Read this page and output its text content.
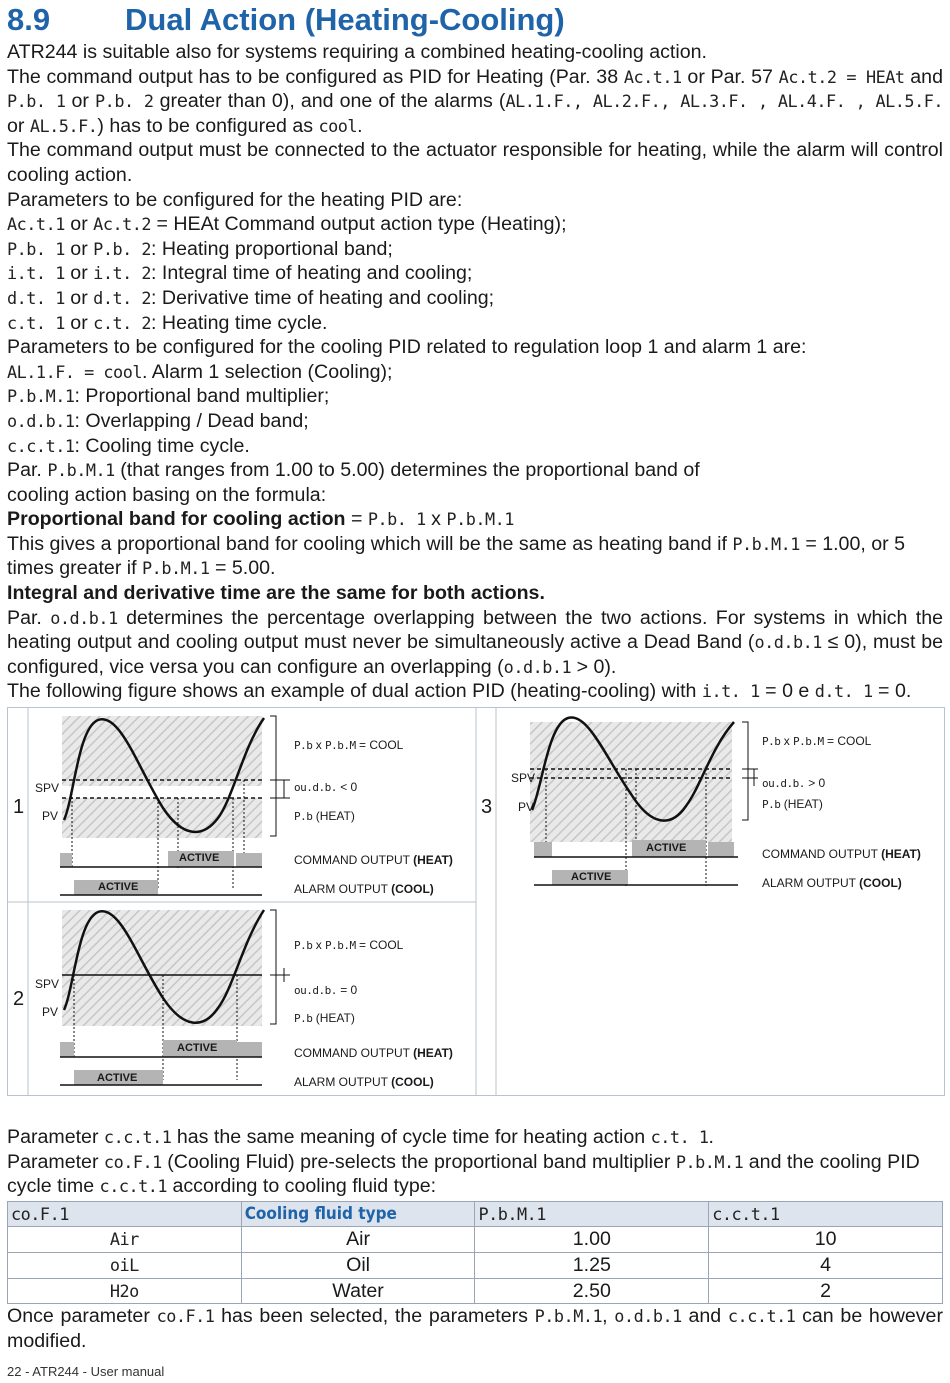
8.9 Dual Action (Heating-Cooling)

ATR244 is suitable also for systems requiring a combined heating-cooling action.

The command output has to be configured as PID for Heating (Par. 38 Ac.t.1 or Par. 57 Ac.t.2 = HEAt and P.b. 1 or P.b. 2 greater than 0), and one of the alarms (AL.1.F., AL.2.F., AL.3.F. , AL.4.F. , AL.5.F. or AL.5.F.) has to be configured as cool.

The command output must be connected to the actuator responsible for heating, while the alarm will control cooling action.

Parameters to be configured for the heating PID are:

Ac.t.1 or Ac.t.2 = HEAt Command output action type (Heating);

P.b. 1 or P.b. 2: Heating proportional band;

i.t. 1 or i.t. 2: Integral time of heating and cooling;

d.t. 1 or d.t. 2: Derivative time of heating and cooling;

c.t. 1 or c.t. 2: Heating time cycle.

Parameters to be configured for the cooling PID related to regulation loop 1 and alarm 1 are:

AL.1.F. = cool. Alarm 1 selection (Cooling);

P.b.M.1: Proportional band multiplier;

o.d.b.1: Overlapping / Dead band;

c.c.t.1: Cooling time cycle.

Par. P.b.M.1 (that ranges from 1.00 to 5.00) determines the proportional band of

cooling action basing on the formula:

Proportional band for cooling action = P.b. 1 x P.b.M.1

This gives a proportional band for cooling which will be the same as heating band if P.b.M.1 = 1.00, or 5 times greater if P.b.M.1 = 5.00.

Integral and derivative time are the same for both actions.

Par. o.d.b.1 determines the percentage overlapping between the two actions. For systems in which the heating output and cooling output must never be simultaneously active a Dead Band (o.d.b.1 ≤ 0), must be configured, vice versa you can configure an overlapping (o.d.b.1 > 0).

The following figure shows an example of dual action PID (heating-cooling) with i.t. 1 = 0 e d.t. 1 = 0.

1
SPV
PV
P.b x P.b.M = COOL
ou.d.b. < 0
P.b (HEAT)
ACTIVE
ACTIVE
COMMAND OUTPUT (HEAT)
ALARM OUTPUT (COOL)
2
SPV
PV
P.b x P.b.M = COOL
ou.d.b. = 0
P.b (HEAT)
ACTIVE
ACTIVE
COMMAND OUTPUT (HEAT)
ALARM OUTPUT (COOL)
3
SPV
PV
P.b x P.b.M = COOL
ou.d.b. > 0
P.b (HEAT)
ACTIVE
ACTIVE
COMMAND OUTPUT (HEAT)
ALARM OUTPUT (COOL)

Parameter c.c.t.1 has the same meaning of cycle time for heating action c.t. 1.

Parameter co.F.1 (Cooling Fluid) pre-selects the proportional band multiplier P.b.M.1 and the cooling PID cycle time c.c.t.1 according to cooling fluid type:

co.F.1	Cooling fluid type	P.b.M.1	c.c.t.1
Air	Air	1.00	10
oiL	Oil	1.25	4
H2o	Water	2.50	2

Once parameter co.F.1 has been selected, the parameters P.b.M.1, o.d.b.1 and c.c.t.1 can be however modified.

22 - ATR244 - User manual
